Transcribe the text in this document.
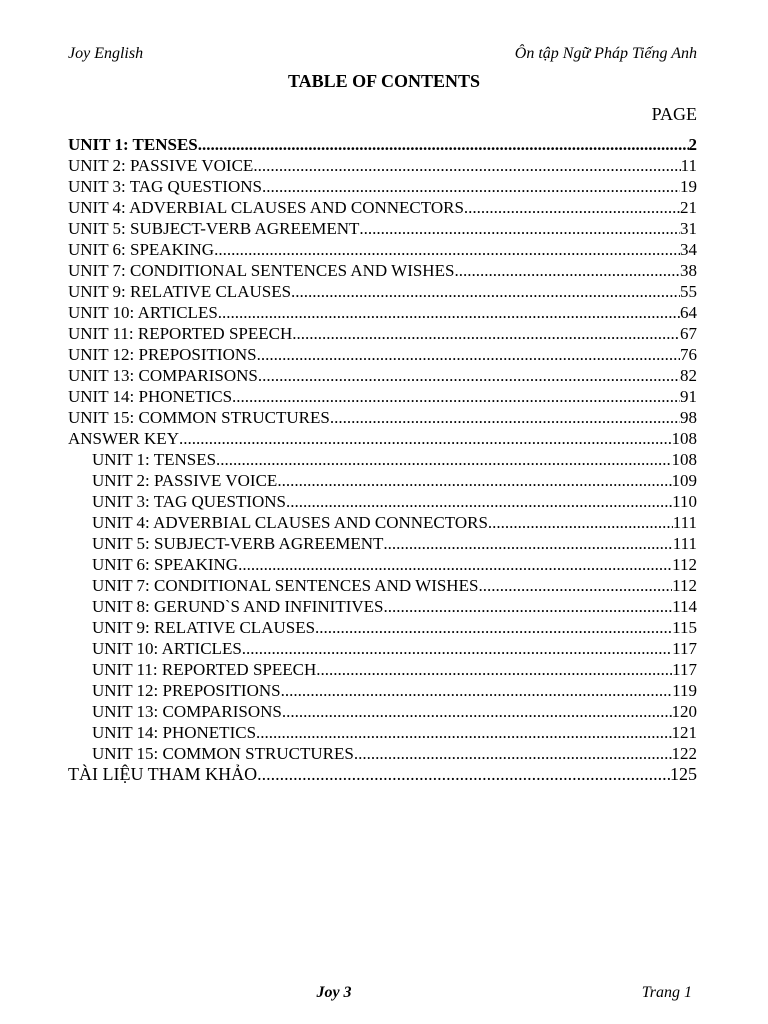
Joy English	Ôn tập Ngữ Pháp Tiếng Anh
TABLE OF CONTENTS
PAGE
UNIT 1: TENSES .....	2
UNIT 2: PASSIVE VOICE .....	11
UNIT 3: TAG QUESTIONS .....	19
UNIT 4: ADVERBIAL CLAUSES AND CONNECTORS .....	21
UNIT 5: SUBJECT-VERB AGREEMENT .....	31
UNIT 6: SPEAKING .....	34
UNIT 7: CONDITIONAL SENTENCES AND WISHES .....	38
UNIT 9: RELATIVE CLAUSES .....	55
UNIT 10: ARTICLES .....	64
UNIT 11: REPORTED SPEECH .....	67
UNIT 12: PREPOSITIONS .....	76
UNIT 13: COMPARISONS .....	82
UNIT 14: PHONETICS .....	91
UNIT 15: COMMON STRUCTURES .....	98
ANSWER KEY .....	108
UNIT 1: TENSES .....	108
UNIT 2: PASSIVE VOICE .....	109
UNIT 3: TAG QUESTIONS .....	110
UNIT 4: ADVERBIAL CLAUSES AND CONNECTORS .....	111
UNIT 5: SUBJECT-VERB AGREEMENT .....	111
UNIT 6: SPEAKING .....	112
UNIT 7: CONDITIONAL SENTENCES AND WISHES .....	112
UNIT 8: GERUND`S AND INFINITIVES .....	114
UNIT 9: RELATIVE CLAUSES .....	115
UNIT 10: ARTICLES .....	117
UNIT 11: REPORTED SPEECH .....	117
UNIT 12: PREPOSITIONS .....	119
UNIT 13: COMPARISONS .....	120
UNIT 14: PHONETICS .....	121
UNIT 15: COMMON STRUCTURES .....	122
TÀI LIỆU THAM KHẢO .....	125
Joy 3	Trang 1
